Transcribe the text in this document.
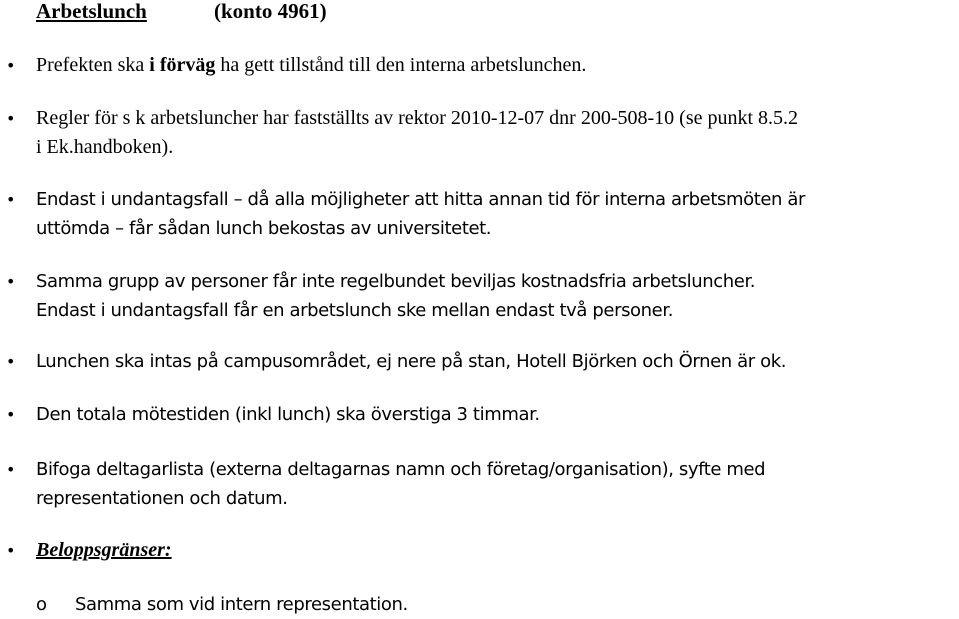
Arbetslunch	(konto 4961)
• Prefekten ska i förväg ha gett tillstånd till den interna arbetslunchen.
• Regler för s k arbetsluncher har fastställts av rektor 2010-12-07 dnr 200-508-10 (se punkt 8.5.2
i Ek.handboken).
• Endast i undantagsfall – då alla möjligheter att hitta annan tid för interna arbetsmöten är
uttömda – får sådan lunch bekostas av universitetet.
• Samma grupp av personer får inte regelbundet beviljas kostnadsfria arbetsluncher.
Endast i undantagsfall får en arbetslunch ske mellan endast två personer.
• Lunchen ska intas på campusområdet, ej nere på stan, Hotell Björken och Örnen är ok.
• Den totala mötestiden (inkl lunch) ska överstiga 3 timmar.
• Bifoga deltagarlista (externa deltagarnas namn och företag/organisation), syfte med
representationen och datum.
• Beloppsgränser:
o Samma som vid intern representation.
